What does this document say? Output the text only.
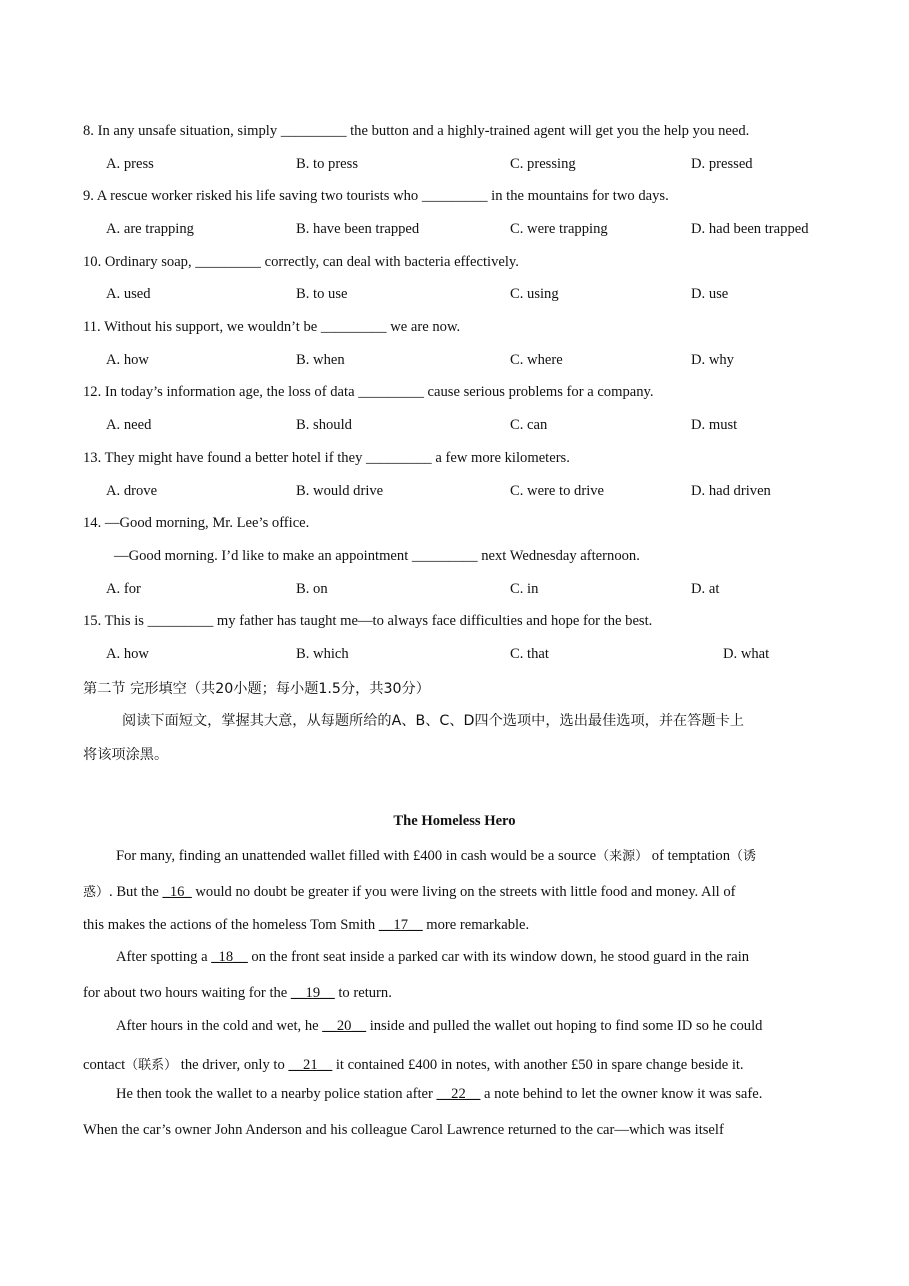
8. In any unsafe situation, simply _________ the button and a highly-trained agent will get you the help you need.
A. press	B. to press	C. pressing	D. pressed
9. A rescue worker risked his life saving two tourists who _________ in the mountains for two days.
A. are trapping	B. have been trapped	C. were trapping	D. had been trapped
10. Ordinary soap, _________ correctly, can deal with bacteria effectively.
A. used	B. to use	C. using	D. use
11. Without his support, we wouldn’t be _________ we are now.
A. how	B. when	C. where	D. why
12. In today’s information age, the loss of data _________ cause serious problems for a company.
A. need	B. should	C. can	D. must
13. They might have found a better hotel if they _________ a few more kilometers.
A. drove	B. would drive	C. were to drive	D. had driven
14. —Good morning, Mr. Lee’s office.
—Good morning. I’d like to make an appointment _________ next Wednesday afternoon.
A. for	B. on	C. in	D. at
15. This is _________ my father has taught me—to always face difficulties and hope for the best.
A. how	B. which	C. that	D. what
第二节 完形填空（共20小题；每小题1.5分，共30分）
阅读下面短文，掌握其大意，从每题所给的A、B、C、D四个选项中，选出最佳选项，并在答题卡上
将该项涂黑。
The Homeless Hero
For many, finding an unattended wallet filled with £400 in cash would be a source（来源） of temptation（诱
惑）. But the _16_ would no doubt be greater if you were living on the streets with little food and money. All of
this makes the actions of the homeless Tom Smith __17__ more remarkable.
After spotting a _18__ on the front seat inside a parked car with its window down, he stood guard in the rain
for about two hours waiting for the __19__ to return.
After hours in the cold and wet, he __20__ inside and pulled the wallet out hoping to find some ID so he could
contact（联系） the driver, only to __21__ it contained £400 in notes, with another £50 in spare change beside it.
He then took the wallet to a nearby police station after __22__ a note behind to let the owner know it was safe.
When the car’s owner John Anderson and his colleague Carol Lawrence returned to the car—which was itself
